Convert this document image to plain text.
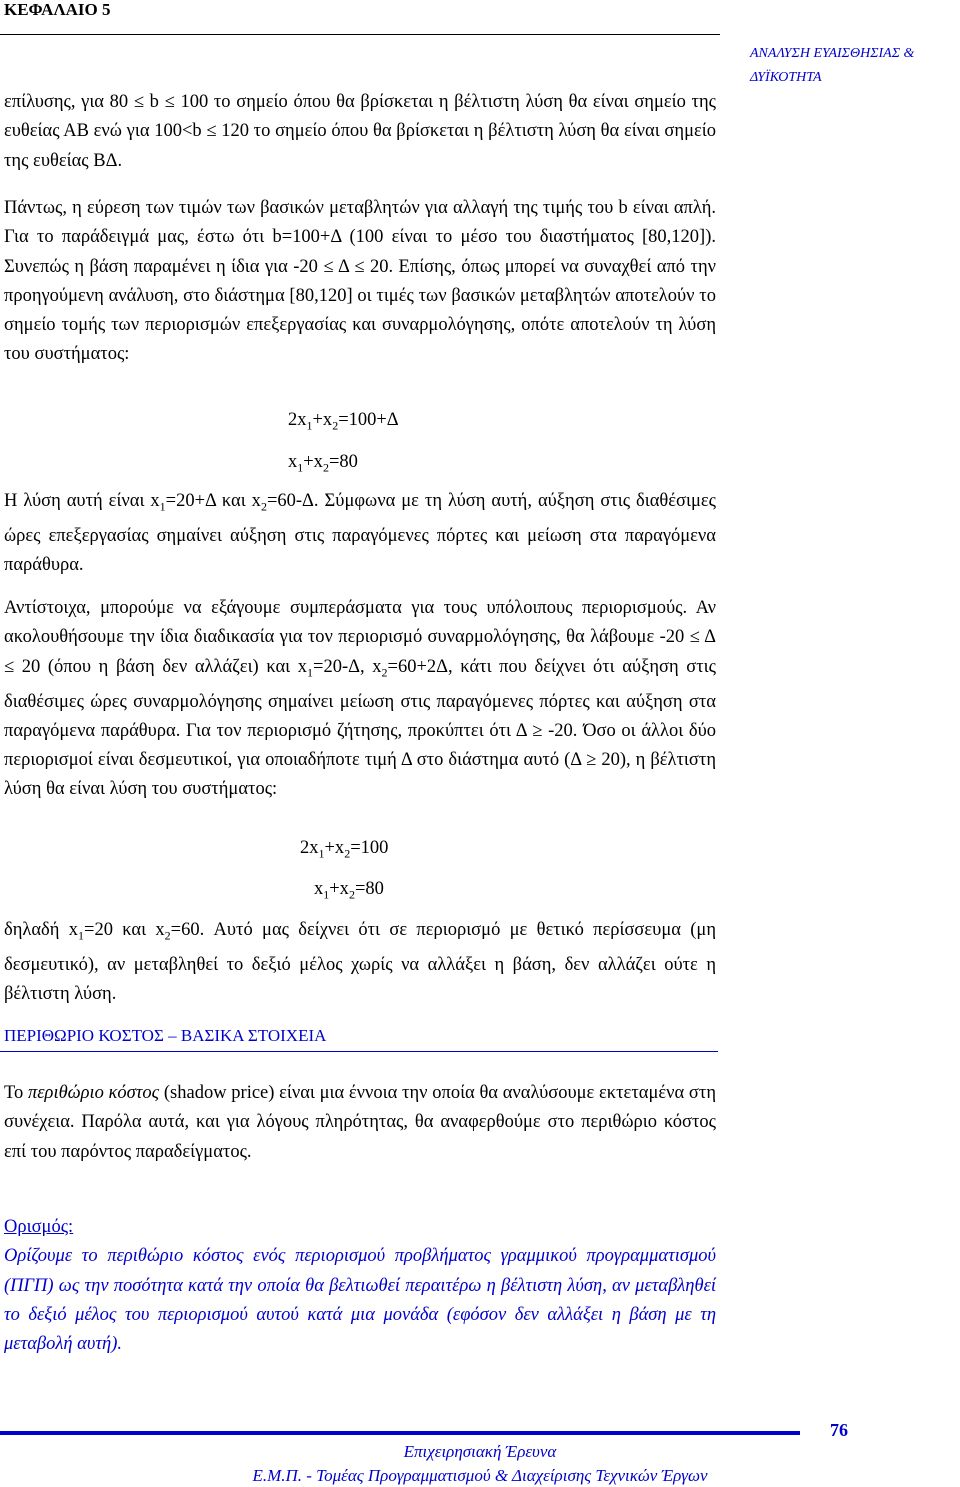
ΚΕΦΑΛΑΙΟ 5
ΑΝΑΛΥΣΗ ΕΥΑΙΣΘΗΣΙΑΣ &
ΔΥΪΚΟΤΗΤΑ
επίλυσης, για 80 ≤ b ≤ 100 το σημείο όπου θα βρίσκεται η βέλτιστη λύση θα είναι σημείο της ευθείας ΑΒ ενώ για 100<b ≤ 120 το σημείο όπου θα βρίσκεται η βέλτιστη λύση θα είναι σημείο της ευθείας ΒΔ.
Πάντως, η εύρεση των τιμών των βασικών μεταβλητών για αλλαγή της τιμής του b είναι απλή. Για το παράδειγμά μας, έστω ότι b=100+Δ (100 είναι το μέσο του διαστήματος [80,120]). Συνεπώς η βάση παραμένει η ίδια για -20 ≤ Δ ≤ 20. Επίσης, όπως μπορεί να συναχθεί από την προηγούμενη ανάλυση, στο διάστημα [80,120] οι τιμές των βασικών μεταβλητών αποτελούν το σημείο τομής των περιορισμών επεξεργασίας και συναρμολόγησης, οπότε αποτελούν τη λύση του συστήματος:
$2x_1+x_2=100+\Delta$
$x_1+x_2=80$
Η λύση αυτή είναι $x_1=20+\Delta$ και $x_2=60-\Delta$. Σύμφωνα με τη λύση αυτή, αύξηση στις διαθέσιμες ώρες επεξεργασίας σημαίνει αύξηση στις παραγόμενες πόρτες και μείωση στα παραγόμενα παράθυρα.
Αντίστοιχα, μπορούμε να εξάγουμε συμπεράσματα για τους υπόλοιπους περιορισμούς. Αν ακολουθήσουμε την ίδια διαδικασία για τον περιορισμό συναρμολόγησης, θα λάβουμε -20 ≤ Δ ≤ 20 (όπου η βάση δεν αλλάζει) και $x_1=20-\Delta$, $x_2=60+2\Delta$, κάτι που δείχνει ότι αύξηση στις διαθέσιμες ώρες συναρμολόγησης σημαίνει μείωση στις παραγόμενες πόρτες και αύξηση στα παραγόμενα παράθυρα. Για τον περιορισμό ζήτησης, προκύπτει ότι Δ ≥ -20. Όσο οι άλλοι δύο περιορισμοί είναι δεσμευτικοί, για οποιαδήποτε τιμή Δ στο διάστημα αυτό (Δ ≥ 20), η βέλτιστη λύση θα είναι λύση του συστήματος:
$2x_1+x_2=100$
$x_1+x_2=80$
δηλαδή $x_1=20$ και $x_2=60$. Αυτό μας δείχνει ότι σε περιορισμό με θετικό περίσσευμα (μη δεσμευτικό), αν μεταβληθεί το δεξιό μέλος χωρίς να αλλάξει η βάση, δεν αλλάζει ούτε η βέλτιστη λύση.
ΠΕΡΙΘΩΡΙΟ ΚΟΣΤΟΣ – ΒΑΣΙΚΑ ΣΤΟΙΧΕΙΑ
Το περιθώριο κόστος (shadow price) είναι μια έννοια την οποία θα αναλύσουμε εκτεταμένα στη συνέχεια. Παρόλα αυτά, και για λόγους πληρότητας, θα αναφερθούμε στο περιθώριο κόστος επί του παρόντος παραδείγματος.
Ορισμός:
Ορίζουμε το περιθώριο κόστος ενός περιορισμού προβλήματος γραμμικού προγραμματισμού (ΠΓΠ) ως την ποσότητα κατά την οποία θα βελτιωθεί περαιτέρω η βέλτιστη λύση, αν μεταβληθεί το δεξιό μέλος του περιορισμού αυτού κατά μια μονάδα (εφόσον δεν αλλάξει η βάση με τη μεταβολή αυτή).
76
Επιχειρησιακή Έρευνα
Ε.Μ.Π. - Τομέας Προγραμματισμού & Διαχείρισης Τεχνικών Έργων
